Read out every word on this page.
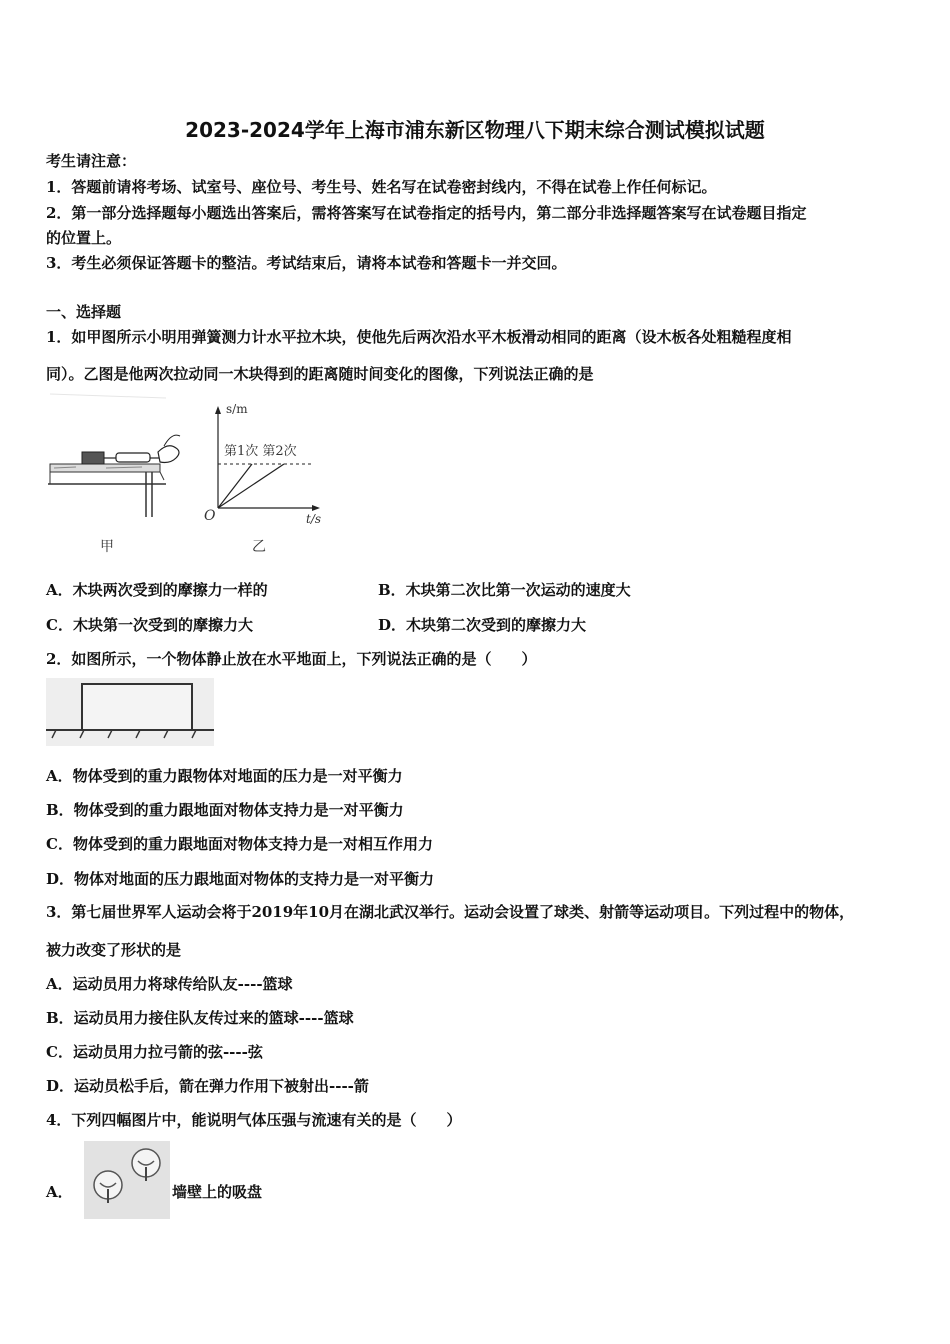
2023-2024学年上海市浦东新区物理八下期末综合测试模拟试题
考生请注意：
1．答题前请将考场、试室号、座位号、考生号、姓名写在试卷密封线内，不得在试卷上作任何标记。
2．第一部分选择题每小题选出答案后，需将答案写在试卷指定的括号内，第二部分非选择题答案写在试卷题目指定
的位置上。
3．考生必须保证答题卡的整洁。考试结束后，请将本试卷和答题卡一并交回。
一、选择题
1．如甲图所示小明用弹簧测力计水平拉木块，使他先后两次沿水平木板滑动相同的距离（设木板各处粗糙程度相
同）。乙图是他两次拉动同一木块得到的距离随时间变化的图像，下列说法正确的是
甲
s/m
t/s
O
第1次 第2次
乙
A．木块两次受到的摩擦力一样的	B．木块第二次比第一次运动的速度大
C．木块第一次受到的摩擦力大	D．木块第二次受到的摩擦力大
2．如图所示，一个物体静止放在水平地面上，下列说法正确的是（　　）
A．物体受到的重力跟物体对地面的压力是一对平衡力
B．物体受到的重力跟地面对物体支持力是一对平衡力
C．物体受到的重力跟地面对物体支持力是一对相互作用力
D．物体对地面的压力跟地面对物体的支持力是一对平衡力
3．第七届世界军人运动会将于2019年10月在湖北武汉举行。运动会设置了球类、射箭等运动项目。下列过程中的物体，
被力改变了形状的是
A．运动员用力将球传给队友----篮球
B．运动员用力接住队友传过来的篮球----篮球
C．运动员用力拉弓箭的弦----弦
D．运动员松手后，箭在弹力作用下被射出----箭
4．下列四幅图片中，能说明气体压强与流速有关的是（　　）
A．	墙壁上的吸盘
